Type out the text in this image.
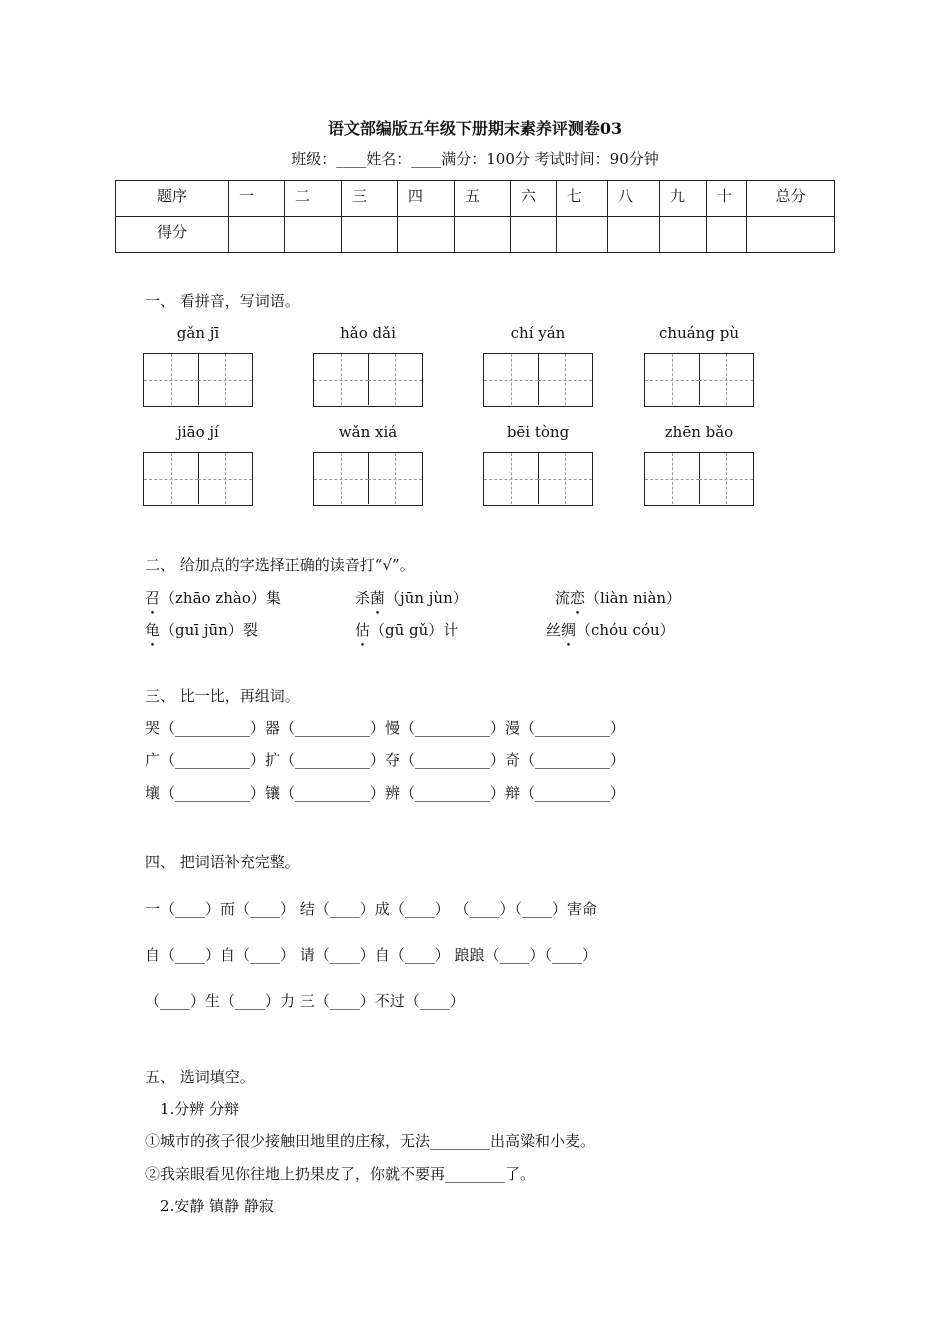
语文部编版五年级下册期末素养评测卷03
班级：____姓名：____满分：100分 考试时间：90分钟
题序	一	二	三	四	五	六	七	八	九	十	总分
得分											
一、 看拼音，写词语。
gǎn jī	hǎo dǎi	chí yán	chuáng pù
jiāo jí	wǎn xiá	bēi tòng	zhēn bǎo
二、 给加点的字选择正确的读音打“√”。
召（zhāo zhào）集	杀菌（jūn jùn）	流恋（liàn niàn）
龟（guī jūn）裂	估（gū gǔ）计	丝绸（chóu cóu）
三、 比一比，再组词。
哭（__________）器（__________）慢（__________）漫（__________）
广（__________）扩（__________）夺（__________）奇（__________）
壤（__________）镶（__________）辨（__________）辩（__________）
四、 把词语补充完整。
一（____）而（____） 结（____）成（____） （____）（____）害命
自（____）自（____） 请（____）自（____） 踉踉（____）（____）
（____）生（____）力 三（____）不过（____）
五、 选词填空。
1.分辨 分辩
①城市的孩子很少接触田地里的庄稼，无法________出高粱和小麦。
②我亲眼看见你往地上扔果皮了，你就不要再________了。
2.安静 镇静 静寂
